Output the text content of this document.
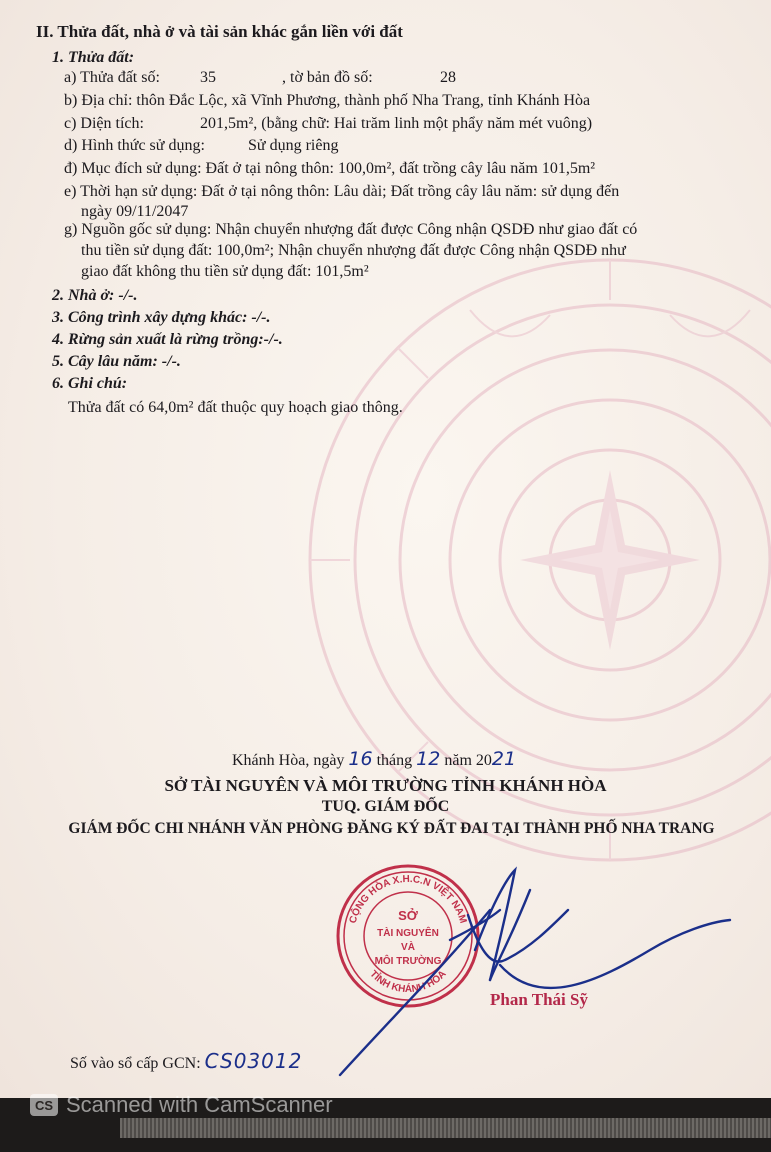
II. Thửa đất, nhà ở và tài sản khác gắn liền với đất
1. Thửa đất:
a) Thửa đất số:	35	, tờ bản đồ số:	28
b) Địa chỉ: thôn Đắc Lộc, xã Vĩnh Phương, thành phố Nha Trang, tỉnh Khánh Hòa
c) Diện tích:	201,5m², (bằng chữ: Hai trăm linh một phẩy năm mét vuông)
d) Hình thức sử dụng:	Sử dụng riêng
đ) Mục đích sử dụng: Đất ở tại nông thôn: 100,0m², đất trồng cây lâu năm 101,5m²
e) Thời hạn sử dụng: Đất ở tại nông thôn: Lâu dài; Đất trồng cây lâu năm: sử dụng đến
ngày 09/11/2047
g) Nguồn gốc sử dụng: Nhận chuyển nhượng đất được Công nhận QSDĐ như giao đất có
thu tiền sử dụng đất: 100,0m²; Nhận chuyển nhượng đất được Công nhận QSDĐ như
giao đất không thu tiền sử dụng đất: 101,5m²
2. Nhà ở: -/-.
3. Công trình xây dựng khác: -/-.
4. Rừng sản xuất là rừng trồng:-/-.
5. Cây lâu năm: -/-.
6. Ghi chú:
Thửa đất có 64,0m² đất thuộc quy hoạch giao thông.
Khánh Hòa, ngày 16 tháng 12 năm 2021
SỞ TÀI NGUYÊN VÀ MÔI TRƯỜNG TỈNH KHÁNH HÒA
TUQ. GIÁM ĐỐC
GIÁM ĐỐC CHI NHÁNH VĂN PHÒNG ĐĂNG KÝ ĐẤT ĐAI TẠI THÀNH PHỐ NHA TRANG
CỘNG HÒA X.H.C.N VIỆT NAM
TỈNH KHÁNH HÒA
SỞ
TÀI NGUYÊN
VÀ
MÔI TRƯỜNG
Phan Thái Sỹ
Số vào sổ cấp GCN: CS03012
CS Scanned with CamScanner
